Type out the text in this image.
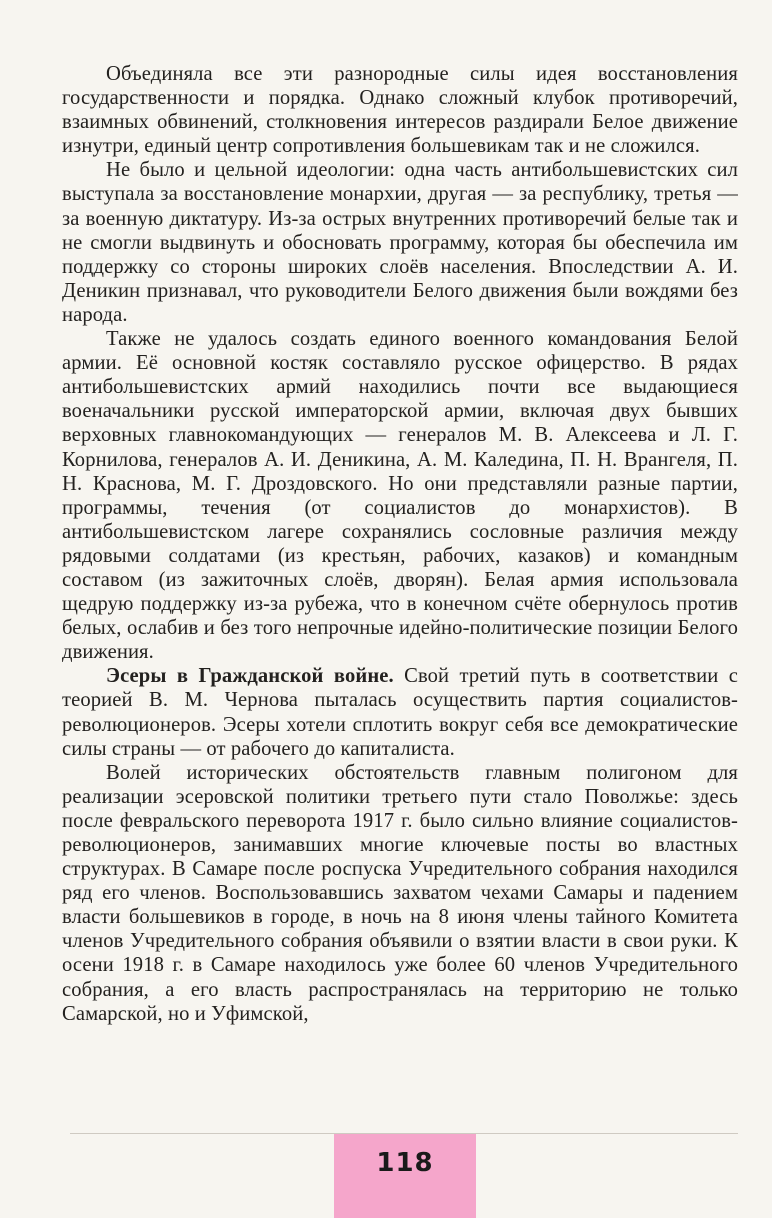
Объединяла все эти разнородные силы идея восстановления государственности и порядка. Однако сложный клубок противоречий, взаимных обвинений, столкновения интересов раздирали Белое движение изнутри, единый центр сопротивления большевикам так и не сложился.

Не было и цельной идеологии: одна часть антибольшевистских сил выступала за восстановление монархии, другая — за республику, третья — за военную диктатуру. Из-за острых внутренних противоречий белые так и не смогли выдвинуть и обосновать программу, которая бы обеспечила им поддержку со стороны широких слоёв населения. Впоследствии А. И. Деникин признавал, что руководители Белого движения были вождями без народа.

Также не удалось создать единого военного командования Белой армии. Её основной костяк составляло русское офицерство. В рядах антибольшевистских армий находились почти все выдающиеся военачальники русской императорской армии, включая двух бывших верховных главнокомандующих — генералов М. В. Алексеева и Л. Г. Корнилова, генералов А. И. Деникина, А. М. Каледина, П. Н. Врангеля, П. Н. Краснова, М. Г. Дроздовского. Но они представляли разные партии, программы, течения (от социалистов до монархистов). В антибольшевистском лагере сохранялись сословные различия между рядовыми солдатами (из крестьян, рабочих, казаков) и командным составом (из зажиточных слоёв, дворян). Белая армия использовала щедрую поддержку из-за рубежа, что в конечном счёте обернулось против белых, ослабив и без того непрочные идейно-политические позиции Белого движения.

Эсеры в Гражданской войне. Свой третий путь в соответствии с теорией В. М. Чернова пыталась осуществить партия социалистов-революционеров. Эсеры хотели сплотить вокруг себя все демократические силы страны — от рабочего до капиталиста.

Волей исторических обстоятельств главным полигоном для реализации эсеровской политики третьего пути стало Поволжье: здесь после февральского переворота 1917 г. было сильно влияние социалистов-революционеров, занимавших многие ключевые посты во властных структурах. В Самаре после роспуска Учредительного собрания находился ряд его членов. Воспользовавшись захватом чехами Самары и падением власти большевиков в городе, в ночь на 8 июня члены тайного Комитета членов Учредительного собрания объявили о взятии власти в свои руки. К осени 1918 г. в Самаре находилось уже более 60 членов Учредительного собрания, а его власть распространялась на территорию не только Самарской, но и Уфимской,

118
